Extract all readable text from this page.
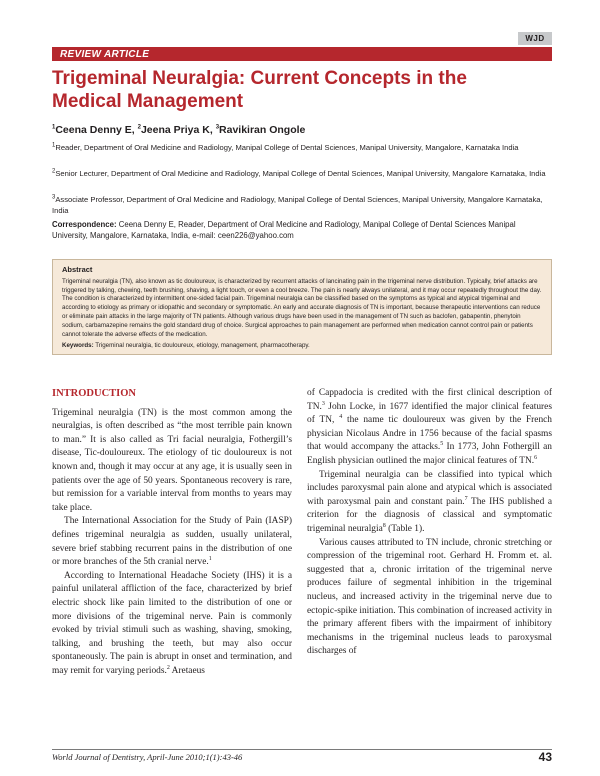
WJD
REVIEW ARTICLE
Trigeminal Neuralgia: Current Concepts in the
Medical Management

$^1$Ceena Denny E, $^2$Jeena Priya K, $^3$Ravikiran Ongole

$^1$Reader, Department of Oral Medicine and Radiology, Manipal College of Dental Sciences, Manipal University, Mangalore, Karnataka India

$^2$Senior Lecturer, Department of Oral Medicine and Radiology, Manipal College of Dental Sciences, Manipal University, Mangalore Karnataka, India

$^3$Associate Professor, Department of Oral Medicine and Radiology, Manipal College of Dental Sciences, Manipal University, Mangalore Karnataka, India

Correspondence: Ceena Denny E, Reader, Department of Oral Medicine and Radiology, Manipal College of Dental Sciences Manipal University, Mangalore, Karnataka, India, e-mail: ceen226@yahoo.com

Abstract
Trigeminal neuralgia (TN), also known as tic douloureux, is characterized by recurrent attacks of lancinating pain in the trigeminal nerve distribution. Typically, brief attacks are triggered by talking, chewing, teeth brushing, shaving, a light touch, or even a cool breeze. The pain is nearly always unilateral, and it may occur repeatedly throughout the day. The condition is characterized by intermittent one-sided facial pain. Trigeminal neuralgia can be classified based on the symptoms as typical and atypical trigeminal and according to etiology as primary or idiopathic and secondary or symptomatic. An early and accurate diagnosis of TN is important, because therapeutic interventions can reduce or eliminate pain attacks in the large majority of TN patients. Although various drugs have been used in the management of TN such as baclofen, gabapentin, phenytoin sodium, carbamazepine remains the gold standard drug of choice. Surgical approaches to pain management are performed when medication cannot control pain or patients cannot tolerate the adverse effects of the medication.
Keywords: Trigeminal neuralgia, tic douloureux, etiology, management, pharmacotherapy.
INTRODUCTION

Trigeminal neuralgia (TN) is the most common among the neuralgias, is often described as “the most terrible pain known to man.” It is also called as Tri facial neuralgia, Fothergill’s disease, Tic-douloureux. The etiology of tic douloureux is not known and, though it may occur at any age, it is usually seen in patients over the age of 50 years. Spontaneous recovery is rare, but remission for a variable interval from months to years may take place.

The International Association for the Study of Pain (IASP) defines trigeminal neuralgia as sudden, usually unilateral, severe brief stabbing recurrent pains in the distribution of one or more branches of the 5th cranial nerve.$^1$

According to International Headache Society (IHS) it is a painful unilateral affliction of the face, characterized by brief electric shock like pain limited to the distribution of one or more divisions of the trigeminal nerve. Pain is commonly evoked by trivial stimuli such as washing, shaving, smoking, talking, and brushing the teeth, but may also occur spontaneously. The pain is abrupt in onset and termination, and may remit for varying periods.$^2$ Aretaeus

of Cappadocia is credited with the first clinical description of TN.$^3$ John Locke, in 1677 identified the major clinical features of TN, $^4$ the name tic douloureux was given by the French physician Nicolaus Andre in 1756 because of the facial spasms that would accompany the attacks.$^5$ In 1773, John Fothergill an English physician outlined the major clinical features of TN.$^6$

Trigeminal neuralgia can be classified into typical which includes paroxysmal pain alone and atypical which is associated with paroxysmal pain and constant pain.$^7$ The IHS published a criterion for the diagnosis of classical and symptomatic trigeminal neuralgia$^8$ (Table 1).

Various causes attributed to TN include, chronic stretching or compression of the trigeminal root. Gerhard H. Fromm et. al. suggested that a, chronic irritation of the trigeminal nerve produces failure of segmental inhibition in the trigeminal nucleus, and increased activity in the trigeminal nerve due to ectopic-spike initiation. This combination of increased activity in the primary afferent fibers with the impairment of inhibitory mechanisms in the trigeminal nucleus leads to paroxysmal discharges of

World Journal of Dentistry, April-June 2010;1(1):43-46	43
